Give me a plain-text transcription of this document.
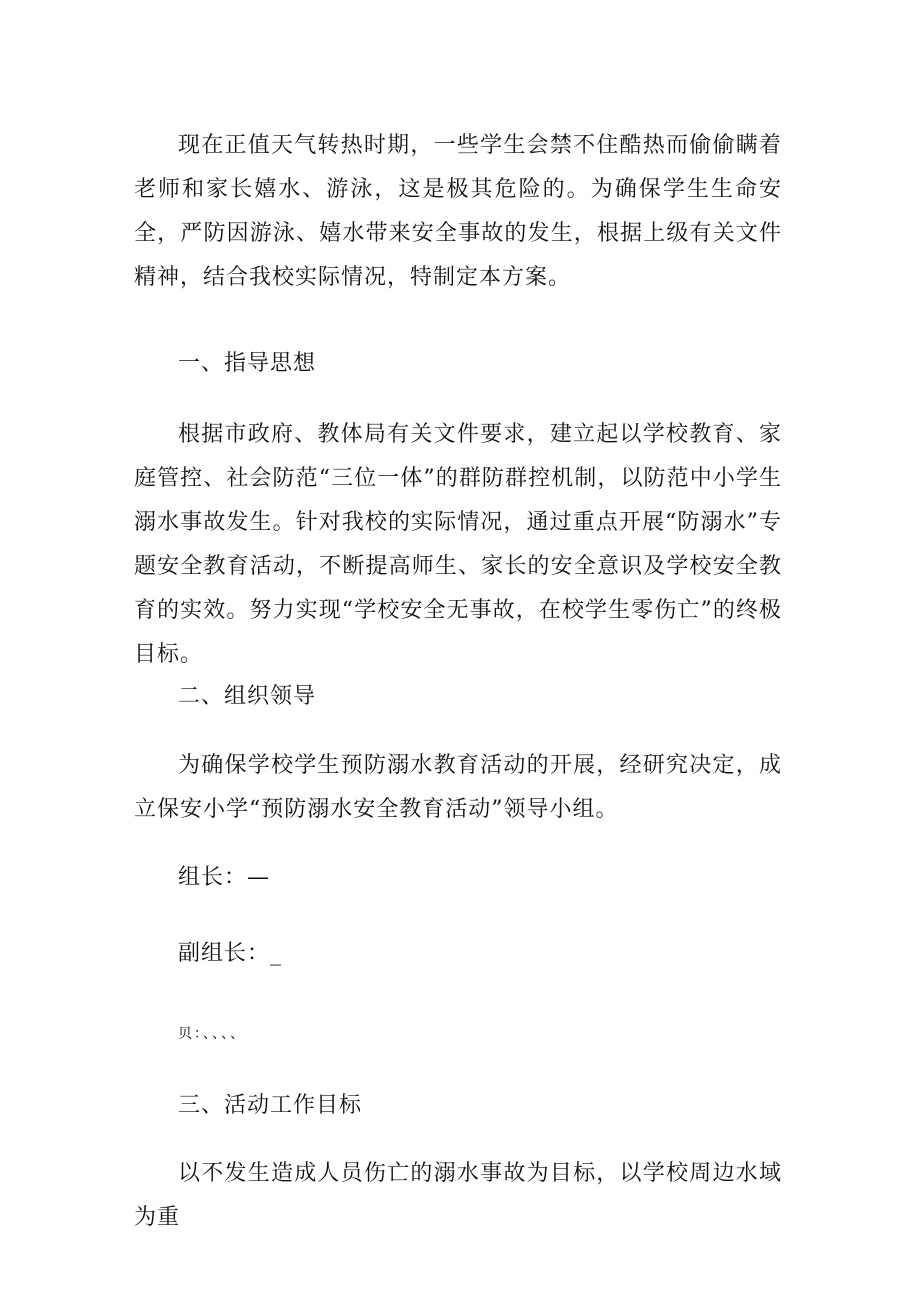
现在正值天气转热时期，一些学生会禁不住酷热而偷偷瞒着老师和家长嬉水、游泳，这是极其危险的。为确保学生生命安全，严防因游泳、嬉水带来安全事故的发生，根据上级有关文件精神，结合我校实际情况，特制定本方案。

一、指导思想

根据市政府、教体局有关文件要求，建立起以学校教育、家庭管控、社会防范“三位一体”的群防群控机制，以防范中小学生溺水事故发生。针对我校的实际情况，通过重点开展“防溺水”专题安全教育活动，不断提高师生、家长的安全意识及学校安全教育的实效。努力实现“学校安全无事故，在校学生零伤亡”的终极目标。

二、组织领导

为确保学校学生预防溺水教育活动的开展，经研究决定，成立保安小学“预防溺水安全教育活动”领导小组。

组长：—

副组长：_

贝：、、、、

三、活动工作目标

以不发生造成人员伤亡的溺水事故为目标，以学校周边水域为重
